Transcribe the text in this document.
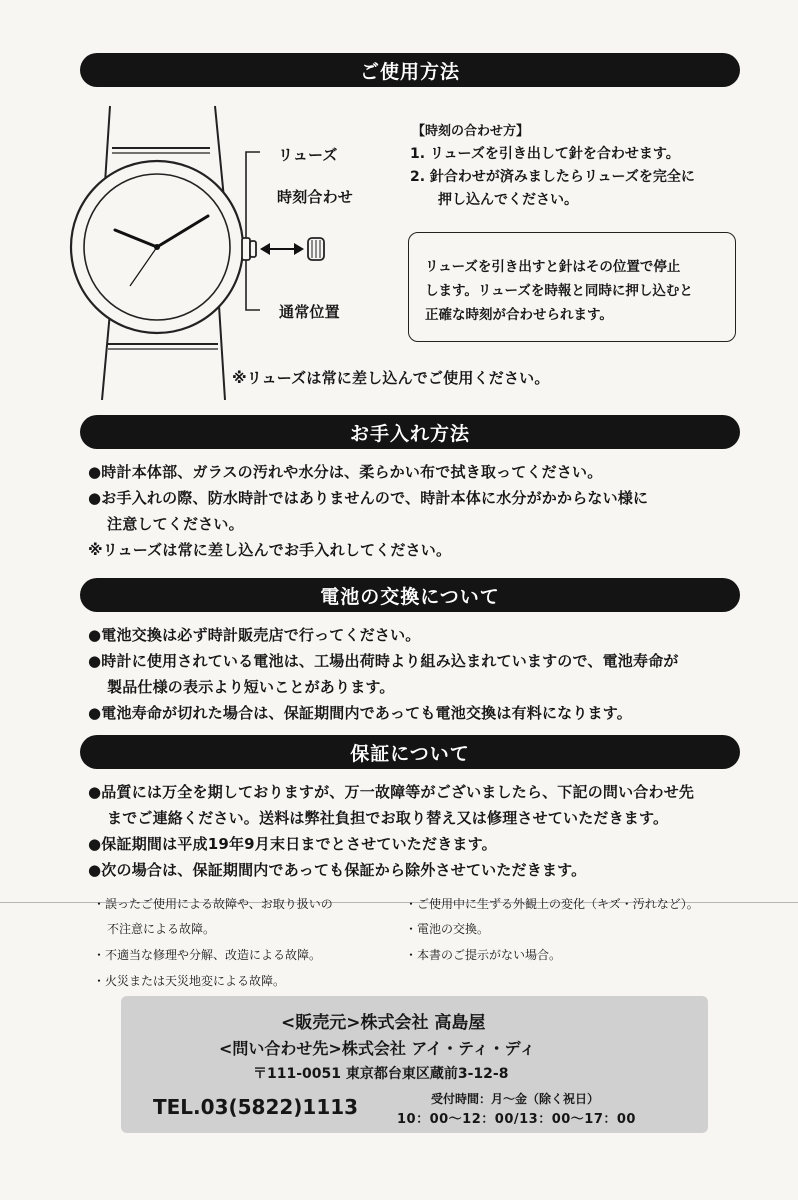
ご使用方法
リューズ
時刻合わせ
通常位置
※リューズは常に差し込んでご使用ください。
【時刻の合わせ方】
1. リューズを引き出して針を合わせます。
2. 針合わせが済みましたらリューズを完全に
押し込んでください。
リューズを引き出すと針はその位置で停止
します。リューズを時報と同時に押し込むと
正確な時刻が合わせられます。
お手入れ方法
● 時計本体部、ガラスの汚れや水分は、柔らかい布で拭き取ってください。
● お手入れの際、防水時計ではありませんので、時計本体に水分がかからない様に
注意してください。
※リューズは常に差し込んでお手入れしてください。
電池の交換について
● 電池交換は必ず時計販売店で行ってください。
● 時計に使用されている電池は、工場出荷時より組み込まれていますので、電池寿命が
製品仕様の表示より短いことがあります。
● 電池寿命が切れた場合は、保証期間内であっても電池交換は有料になります。
保証について
● 品質には万全を期しておりますが、万一故障等がございましたら、下記の問い合わせ先
までご連絡ください。送料は弊社負担でお取り替え又は修理させていただきます。
● 保証期間は平成19年9月末日までとさせていただきます。
● 次の場合は、保証期間内であっても保証から除外させていただきます。
・誤ったご使用による故障や、お取り扱いの
不注意による故障。
・不適当な修理や分解、改造による故障。
・火災または天災地変による故障。
・ご使用中に生ずる外観上の変化（キズ・汚れなど）。
・電池の交換。
・本書のご提示がない場合。
<販売元>株式会社 高島屋
<問い合わせ先>株式会社 アイ・ティ・ディ
〒111-0051 東京都台東区蔵前3-12-8
TEL.03(5822)1113	受付時間：月～金（除く祝日）
10：00～12：00/13：00～17：00
